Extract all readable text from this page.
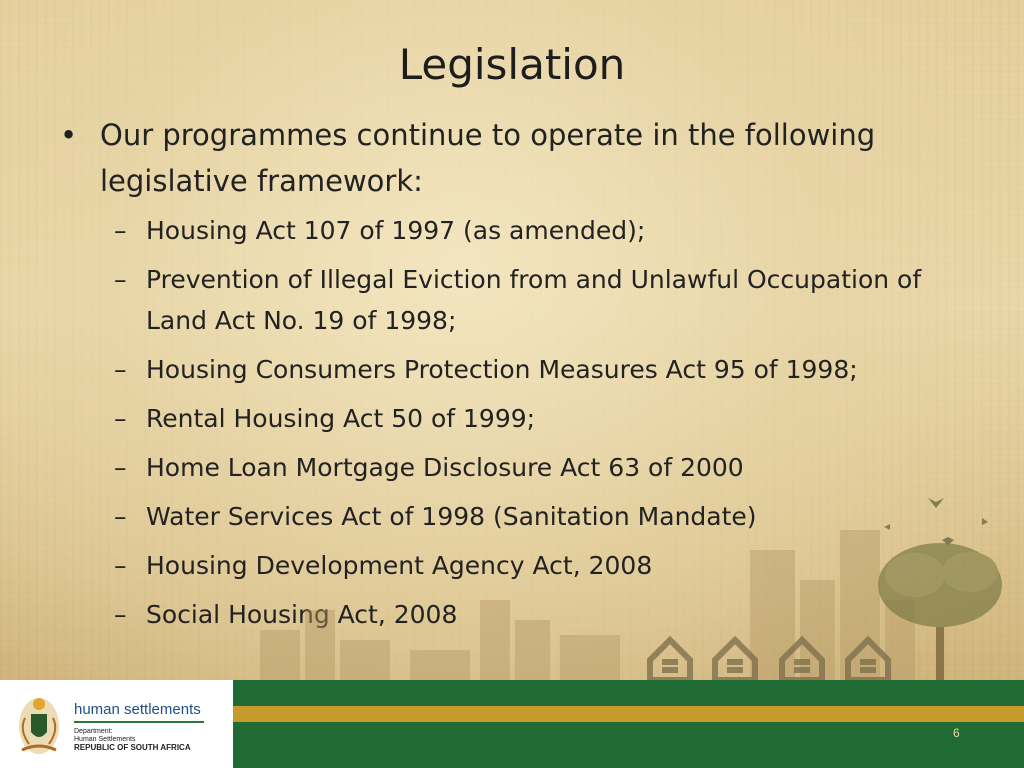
Legislation

• Our programmes continue to operate in the following legislative framework:

– Housing Act 107 of 1997 (as amended);
– Prevention of Illegal Eviction from and Unlawful Occupation of Land Act No. 19 of 1998;
– Housing Consumers Protection Measures Act 95 of 1998;
– Rental Housing Act 50 of 1999;
– Home Loan Mortgage Disclosure Act 63 of 2000
– Water Services Act of 1998 (Sanitation Mandate)
– Housing Development Agency Act, 2008
– Social Housing Act, 2008
human settlements
Department:
Human Settlements
REPUBLIC OF SOUTH AFRICA
6
